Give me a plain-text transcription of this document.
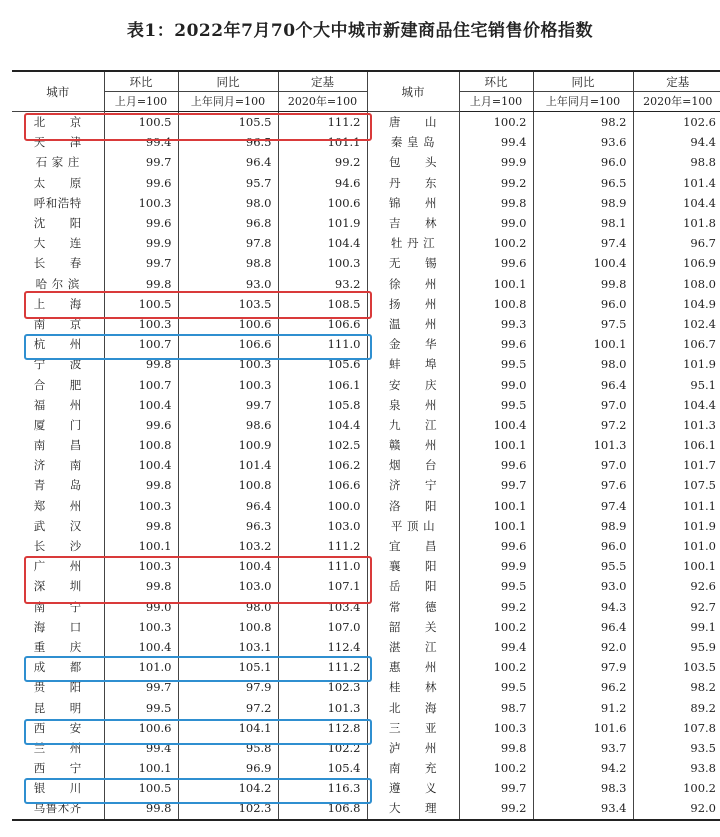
表1：2022年7月70个大中城市新建商品住宅销售价格指数
城市	环比	同比	定基	城市	环比	同比	定基
	上月=100	上年同月=100	2020年=100		上月=100	上年同月=100	2020年=100
北　　京	100.5	105.5	111.2	唐　　山	100.2	98.2	102.6
天　　津	99.4	96.5	101.1	秦 皇 岛	99.4	93.6	94.4
石 家 庄	99.7	96.4	99.2	包　　头	99.9	96.0	98.8
太　　原	99.6	95.7	94.6	丹　　东	99.2	96.5	101.4
呼和浩特	100.3	98.0	100.6	锦　　州	99.8	98.9	104.4
沈　　阳	99.6	96.8	101.9	吉　　林	99.0	98.1	101.8
大　　连	99.9	97.8	104.4	牡 丹 江	100.2	97.4	96.7
长　　春	99.7	98.8	100.3	无　　锡	99.6	100.4	106.9
哈 尔 滨	99.8	93.0	93.2	徐　　州	100.1	99.8	108.0
上　　海	100.5	103.5	108.5	扬　　州	100.8	96.0	104.9
南　　京	100.3	100.6	106.6	温　　州	99.3	97.5	102.4
杭　　州	100.7	106.6	111.0	金　　华	99.6	100.1	106.7
宁　　波	99.8	100.3	105.6	蚌　　埠	99.5	98.0	101.9
合　　肥	100.7	100.3	106.1	安　　庆	99.0	96.4	95.1
福　　州	100.4	99.7	105.8	泉　　州	99.5	97.0	104.4
厦　　门	99.6	98.6	104.4	九　　江	100.4	97.2	101.3
南　　昌	100.8	100.9	102.5	赣　　州	100.1	101.3	106.1
济　　南	100.4	101.4	106.2	烟　　台	99.6	97.0	101.7
青　　岛	99.8	100.8	106.6	济　　宁	99.7	97.6	107.5
郑　　州	100.3	96.4	100.0	洛　　阳	100.1	97.4	101.1
武　　汉	99.8	96.3	103.0	平 顶 山	100.1	98.9	101.9
长　　沙	100.1	103.2	111.2	宜　　昌	99.6	96.0	101.0
广　　州	100.3	100.4	111.0	襄　　阳	99.9	95.5	100.1
深　　圳	99.8	103.0	107.1	岳　　阳	99.5	93.0	92.6
南　　宁	99.0	98.0	103.4	常　　德	99.2	94.3	92.7
海　　口	100.3	100.8	107.0	韶　　关	100.2	96.4	99.1
重　　庆	100.4	103.1	112.4	湛　　江	99.4	92.0	95.9
成　　都	101.0	105.1	111.2	惠　　州	100.2	97.9	103.5
贵　　阳	99.7	97.9	102.3	桂　　林	99.5	96.2	98.2
昆　　明	99.5	97.2	101.3	北　　海	98.7	91.2	89.2
西　　安	100.6	104.1	112.8	三　　亚	100.3	101.6	107.8
兰　　州	99.4	95.8	102.2	泸　　州	99.8	93.7	93.5
西　　宁	100.1	96.9	105.4	南　　充	100.2	94.2	93.8
银　　川	100.5	104.2	116.3	遵　　义	99.7	98.3	100.2
乌鲁木齐	99.8	102.3	106.8	大　　理	99.2	93.4	92.0
